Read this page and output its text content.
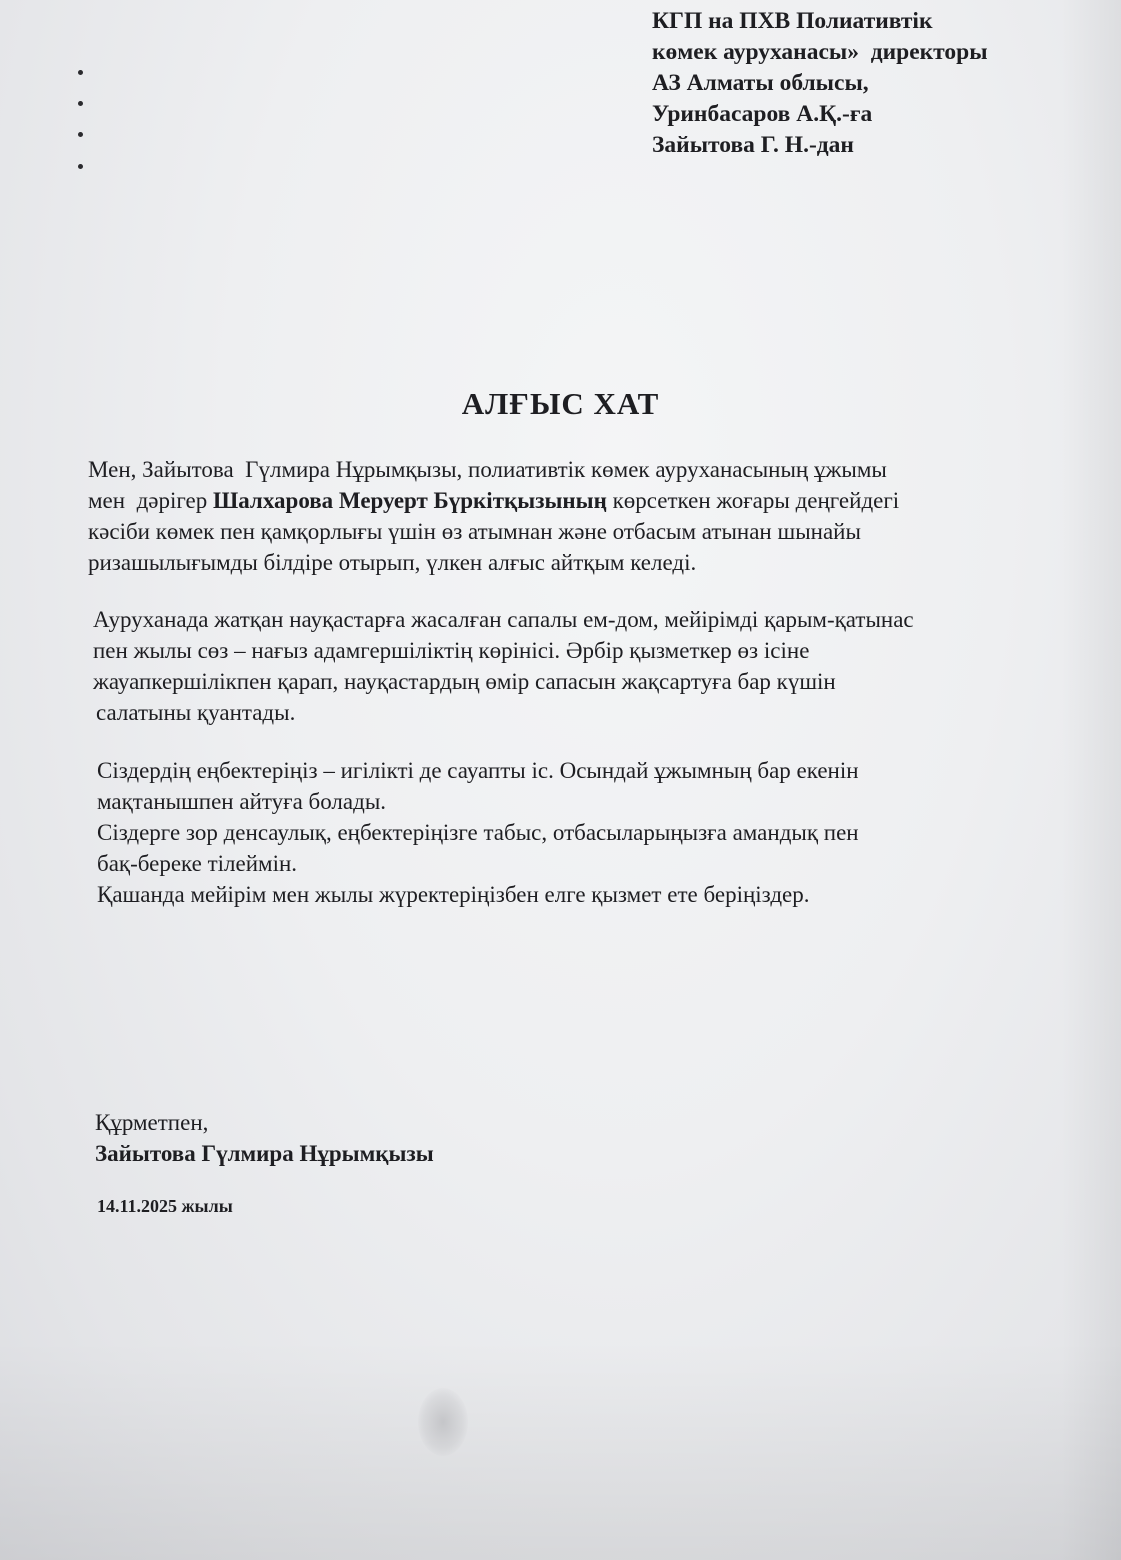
КГП на ПХВ Полиативтік
көмек ауруханасы»  директоры
АЗ Алматы облысы,
Уринбасаров А.Қ.-ға
Зайытова Г. Н.-дан
АЛҒЫС ХАТ
Мен, Зайытова  Гүлмира Нұрымқызы, полиативтік көмек ауруханасының ұжымы
мен  дәрігер Шалхарова Меруерт Бүркітқызының көрсеткен жоғары деңгейдегі
кәсіби көмек пен қамқорлығы үшін өз атымнан және отбасым атынан шынайы
ризашылығымды білдіре отырып, үлкен алғыс айтқым келеді.
Ауруханада жатқан науқастарға жасалған сапалы ем-дом, мейірімді қарым-қатынас
пен жылы сөз – нағыз адамгершіліктің көрінісі. Әрбір қызметкер өз ісіне
жауапкершілікпен қарап, науқастардың өмір сапасын жақсартуға бар күшін
салатыны қуантады.
Сіздердің еңбектеріңіз – игілікті де сауапты іс. Осындай ұжымның бар екенін
мақтанышпен айтуға болады.
Сіздерге зор денсаулық, еңбектеріңізге табыс, отбасыларыңызға амандық пен
бақ-береке тілеймін.
Қашанда мейірім мен жылы жүректеріңізбен елге қызмет ете беріңіздер.
Құрметпен,
Зайытова Гүлмира Нұрымқызы
14.11.2025 жылы
